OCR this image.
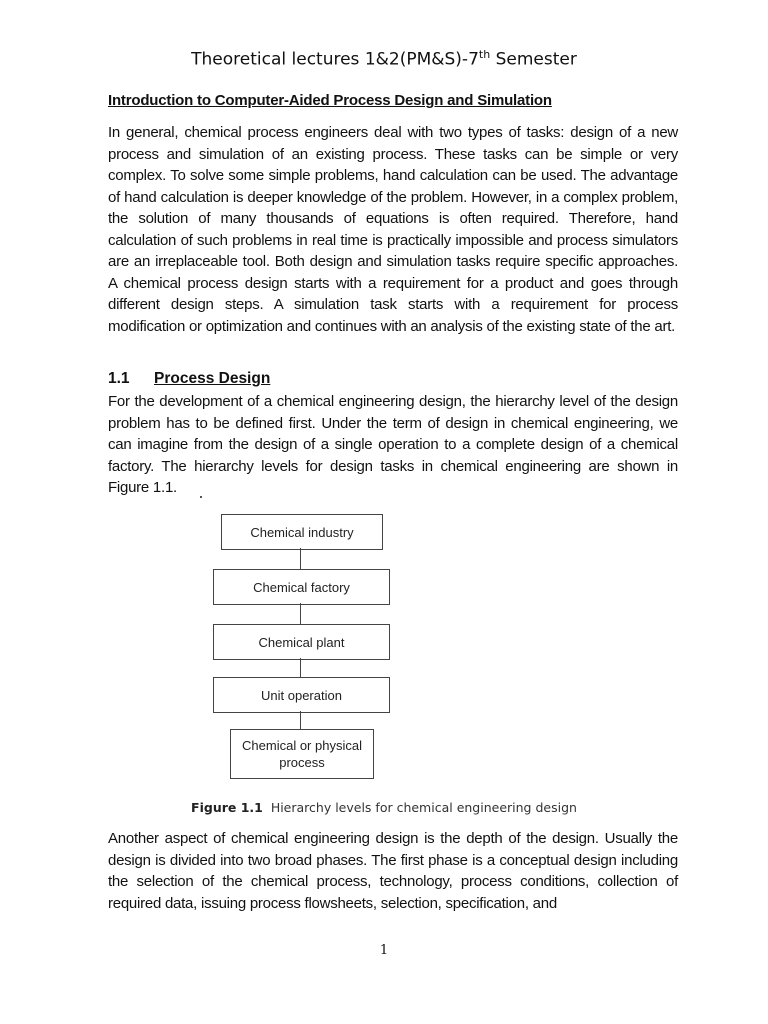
Theoretical lectures 1&2(PM&S)-7th Semester
Introduction to Computer-Aided Process Design and Simulation

In general, chemical process engineers deal with two types of tasks: design of a new process and simulation of an existing process. These tasks can be simple or very complex. To solve some simple problems, hand calculation can be used. The advantage of hand calculation is deeper knowledge of the problem. However, in a complex problem, the solution of many thousands of equations is often required. Therefore, hand calculation of such problems in real time is practically impossible and process simulators are an irreplaceable tool. Both design and simulation tasks require specific approaches. A chemical process design starts with a requirement for a product and goes through different design steps. A simulation task starts with a requirement for process modification or optimization and continues with an analysis of the existing state of the art.

1.1 Process Design

For the development of a chemical engineering design, the hierarchy level of the design problem has to be defined first. Under the term of design in chemical engineering, we can imagine from the design of a single operation to a complete design of a chemical factory. The hierarchy levels for design tasks in chemical engineering are shown in Figure 1.1.

Chemical industry
Chemical factory
Chemical plant
Unit operation
Chemical or physical process
Figure 1.1 Hierarchy levels for chemical engineering design

Another aspect of chemical engineering design is the depth of the design. Usually the design is divided into two broad phases. The first phase is a conceptual design including the selection of the chemical process, technology, process conditions, collection of required data, issuing process flowsheets, selection, specification, and

1
